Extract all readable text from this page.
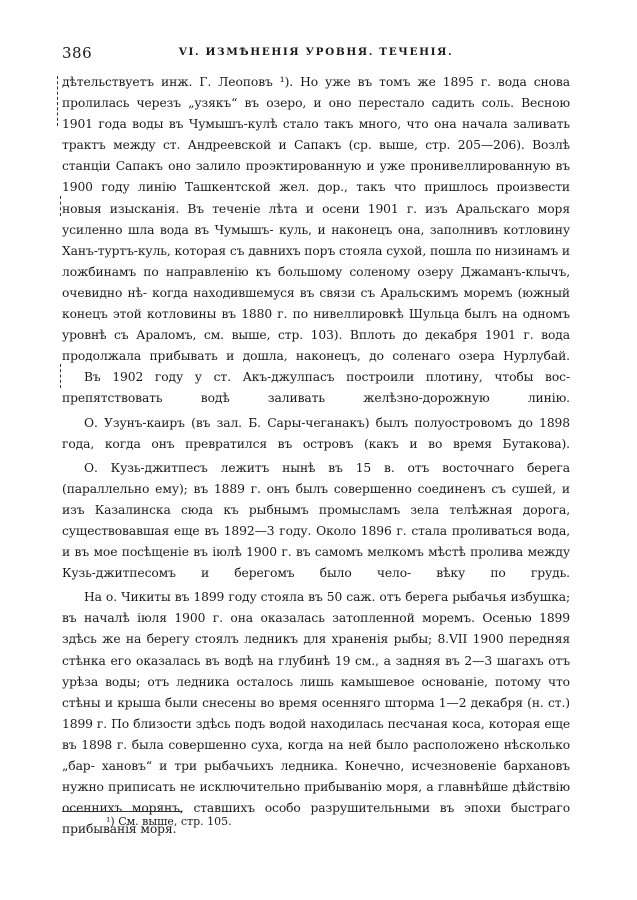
386	VI. ИЗМѢНЕНІЯ УРОВНЯ. ТЕЧЕНІЯ.

дѣтельствуетъ инж. Г. Леоповъ ¹). Но уже въ томъ же 1895 г. вода снова пролилась черезъ „узякъ“ въ озеро, и оно перестало садить соль. Весною 1901 года воды въ Чумышъ-кулѣ стало такъ много, что она начала заливать трактъ между ст. Андреевской и Сапакъ (ср. выше, стр. 205—206). Возлѣ станціи Сапакъ оно залило проэктированную и уже пронивеллированную въ 1900 году линію Ташкентской жел. дор., такъ что пришлось произвести новыя изысканія. Въ теченіе лѣта и осени 1901 г. изъ Аральскаго моря усиленно шла вода въ Чумышъ- куль, и наконецъ она, заполнивъ котловину Ханъ-туртъ-куль, которая съ давнихъ поръ стояла сухой, пошла по низинамъ и ложбинамъ по направленію къ большому соленому озеру Джаманъ-клычъ, очевидно нѣ- когда находившемуся въ связи съ Аральскимъ моремъ (южный конецъ этой котловины въ 1880 г. по нивеллировкѣ Шульца былъ на одномъ уровнѣ съ Араломъ, см. выше, стр. 103). Вплоть до декабря 1901 г. вода продолжала прибывать и дошла, наконецъ, до соленаго озера Нурлубай.

Въ 1902 году у ст. Акъ-джулпасъ построили плотину, чтобы вос- препятствовать водѣ заливать желѣзно-дорожную линію.

О. Узунъ-каиръ (въ зал. Б. Сары-чеганакъ) былъ полуостровомъ до 1898 года, когда онъ превратился въ островъ (какъ и во время Бутакова).

О. Кузь-джитпесъ лежитъ нынѣ въ 15 в. отъ восточнаго берега (параллельно ему); въ 1889 г. онъ былъ совершенно соединенъ съ сушей, и изъ Казалинска сюда къ рыбнымъ промысламъ зела телѣжная дорога, существовавшая еще въ 1892—3 году. Около 1896 г. стала проливаться вода, и въ мое посѣщеніе въ іюлѣ 1900 г. въ самомъ мелкомъ мѣстѣ пролива между Кузь-джитпесомъ и берегомъ было чело- вѣку по грудь.

На о. Чикиты въ 1899 году стояла въ 50 саж. отъ берега рыбачья избушка; въ началѣ іюля 1900 г. она оказалась затопленной моремъ. Осенью 1899 здѣсь же на берегу стоялъ ледникъ для храненія рыбы; 8.VII 1900 передняя стѣнка его оказалась въ водѣ на глубинѣ 19 см., а задняя въ 2—3 шагахъ отъ урѣза воды; отъ ледника осталось лишь камышевое основаніе, потому что стѣны и крыша были снесены во время осенняго шторма 1—2 декабря (н. ст.) 1899 г. По близости здѣсь подъ водой находилась песчаная коса, которая еще въ 1898 г. была совершенно суха, когда на ней было расположено нѣсколько „бар- хановъ“ и три рыбачьихъ ледника. Конечно, исчезновеніе бархановъ нужно приписать не исключительно прибыванію моря, а главнѣйше дѣйствію осеннихъ морянъ, ставшихъ особо разрушительными въ эпохи быстраго прибыванія моря.

¹) См. выше, стр. 105.
